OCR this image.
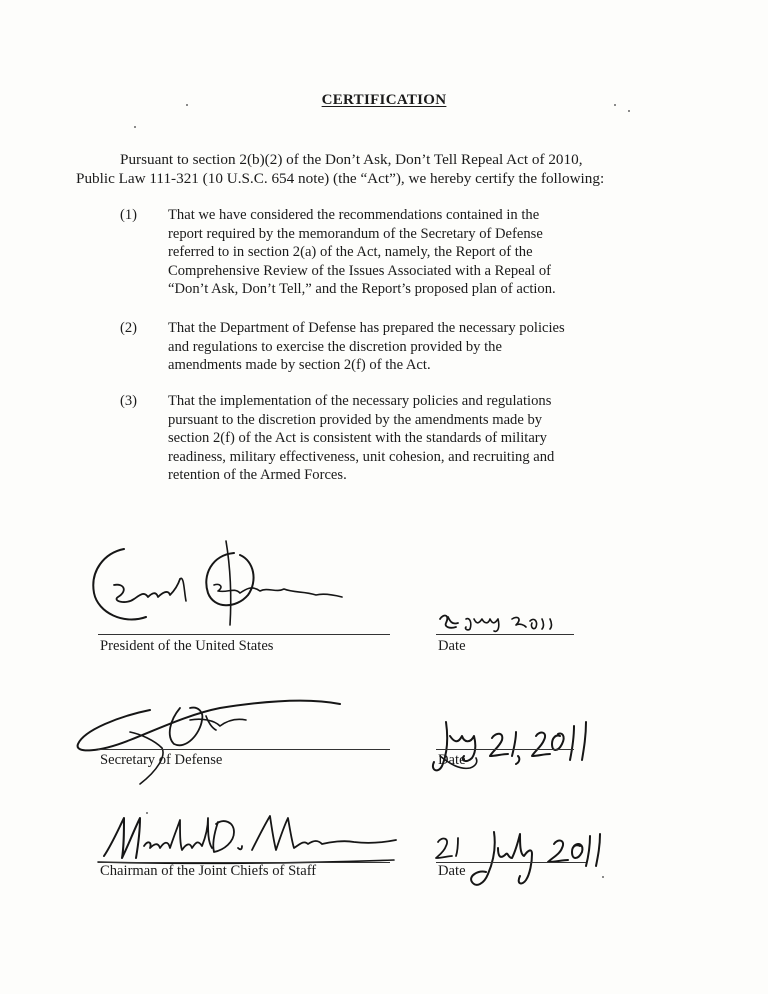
CERTIFICATION
Pursuant to section 2(b)(2) of the Don’t Ask, Don’t Tell Repeal Act of 2010,
Public Law 111-321 (10 U.S.C. 654 note) (the “Act”), we hereby certify the following:
(1) That we have considered the recommendations contained in the
report required by the memorandum of the Secretary of Defense
referred to in section 2(a) of the Act, namely, the Report of the
Comprehensive Review of the Issues Associated with a Repeal of
“Don’t Ask, Don’t Tell,” and the Report’s proposed plan of action.
(2) That the Department of Defense has prepared the necessary policies
and regulations to exercise the discretion provided by the
amendments made by section 2(f) of the Act.
(3) That the implementation of the necessary policies and regulations
pursuant to the discretion provided by the amendments made by
section 2(f) of the Act is consistent with the standards of military
readiness, military effectiveness, unit cohesion, and recruiting and
retention of the Armed Forces.
President of the United States	Date
Secretary of Defense	Date
Chairman of the Joint Chiefs of Staff	Date
